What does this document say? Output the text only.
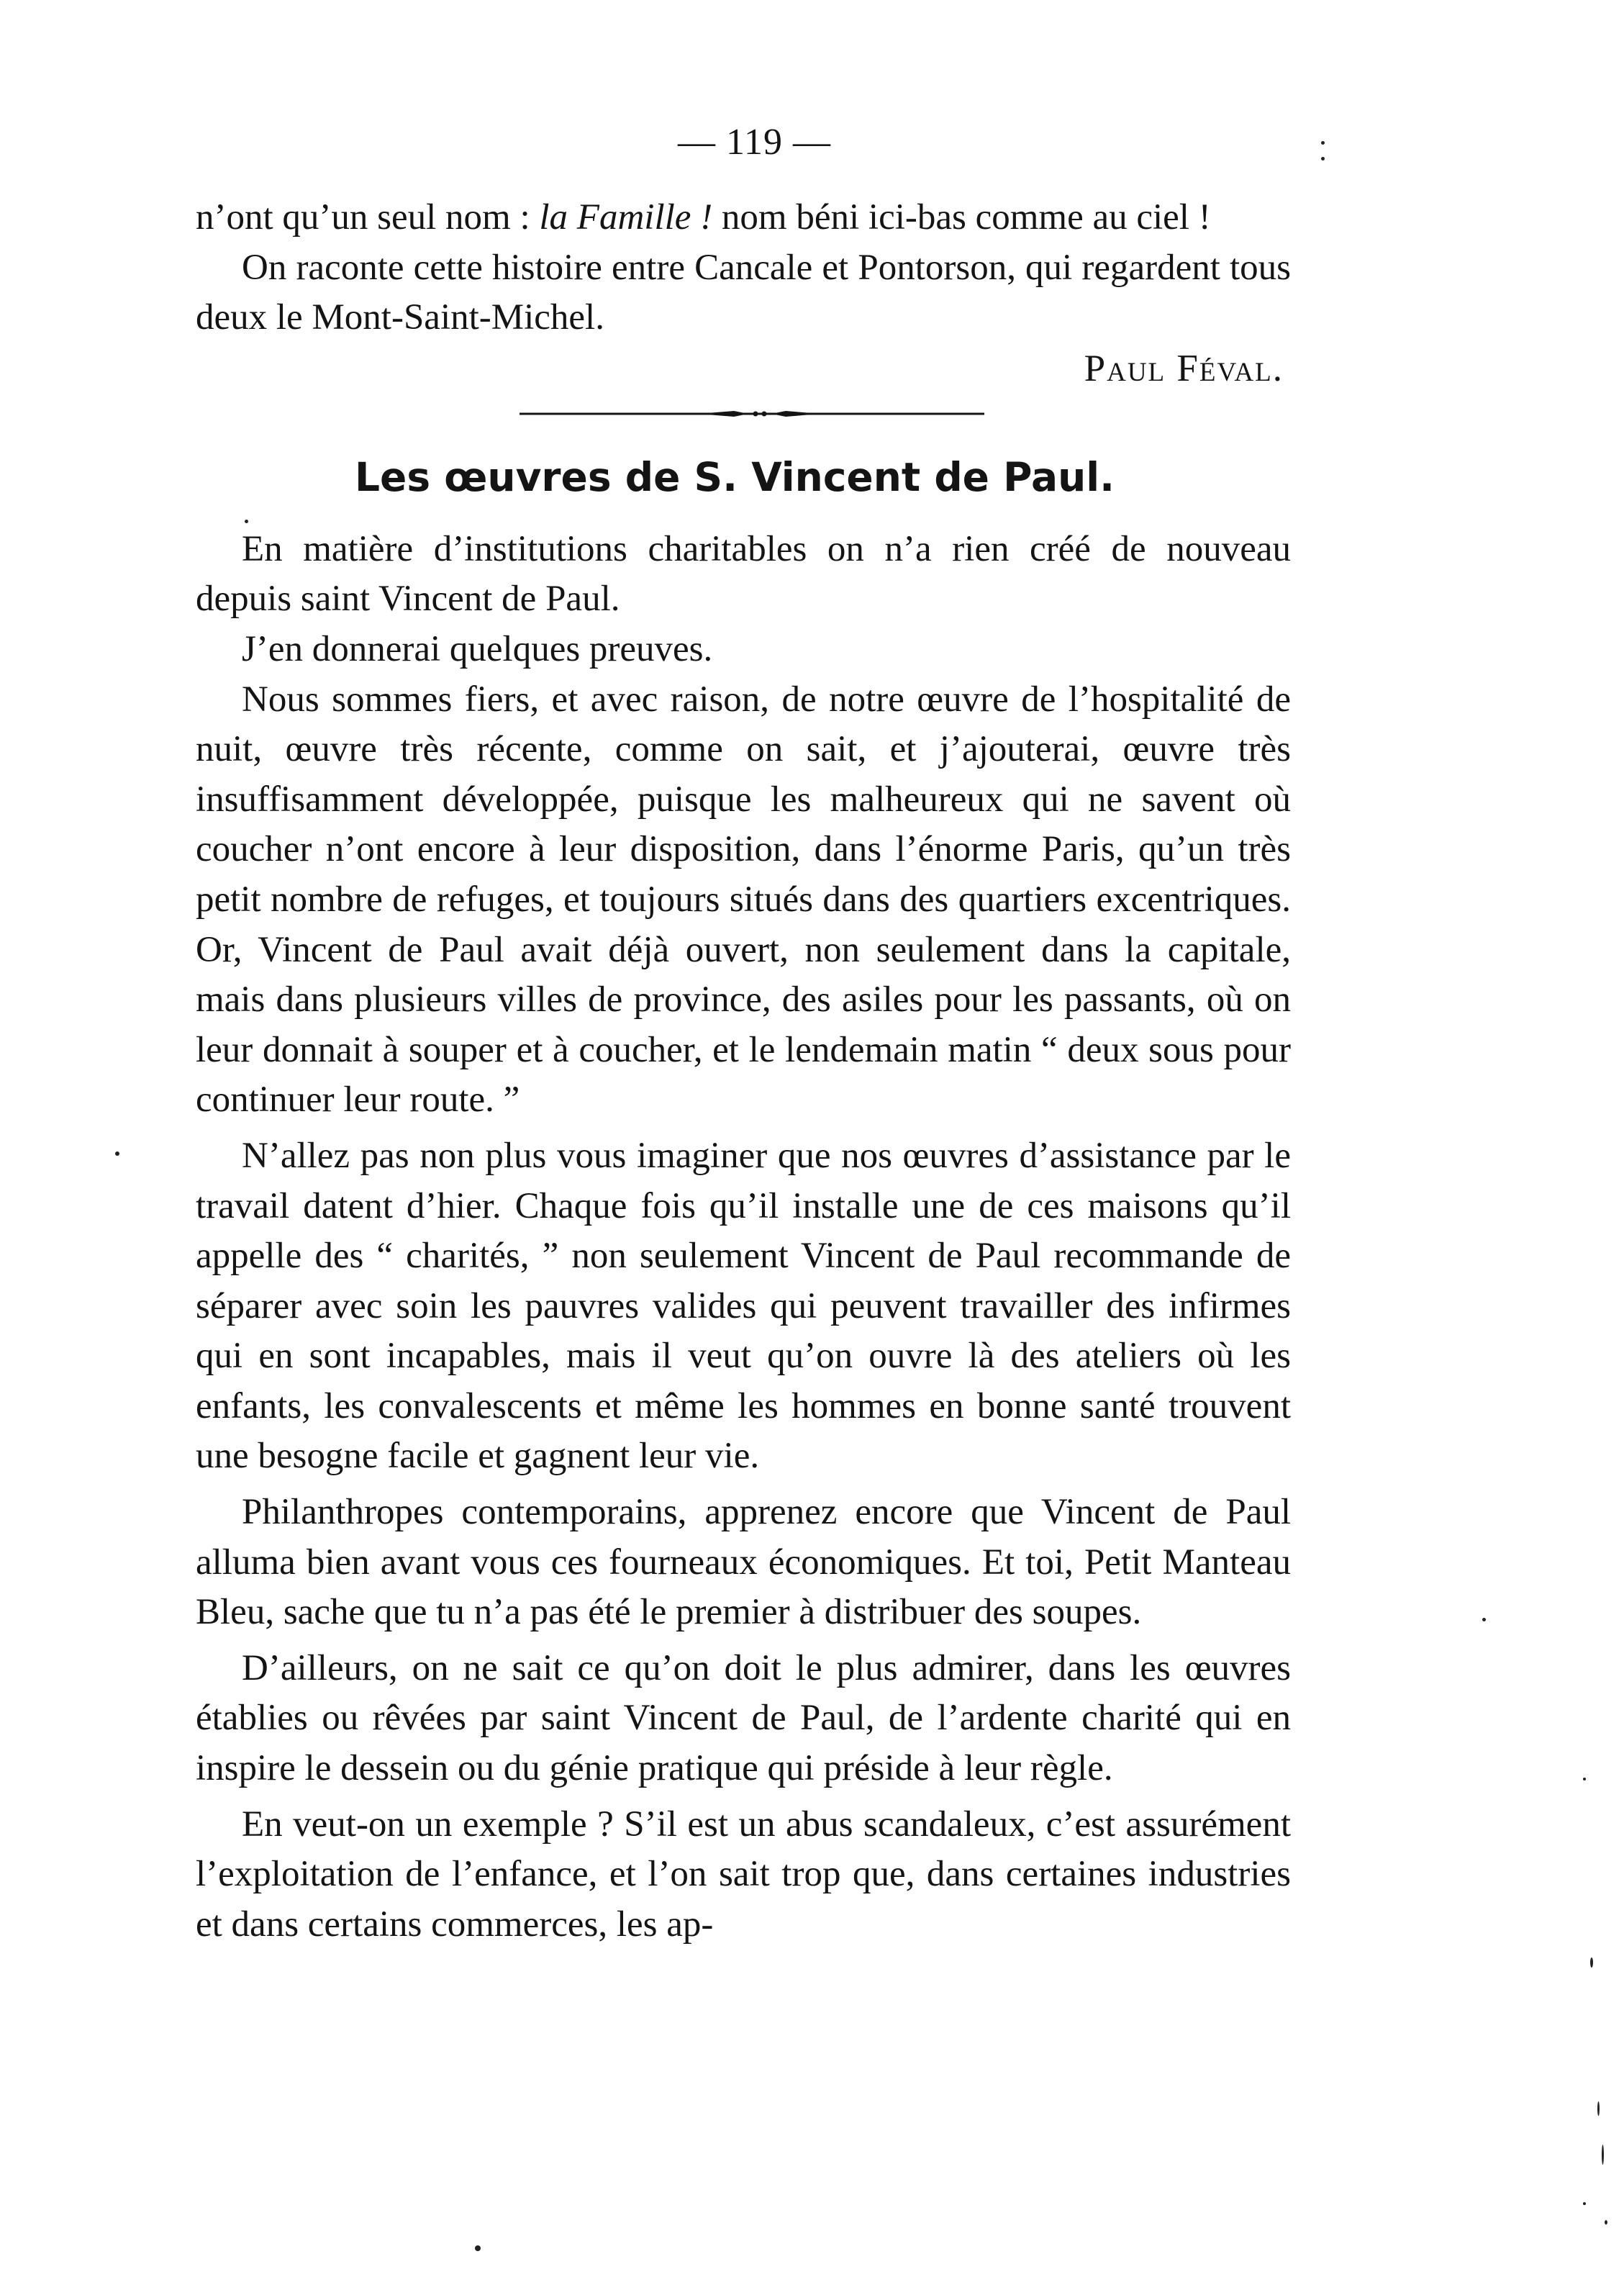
— 119 —

n’ont qu’un seul nom : la Famille ! nom béni ici-bas comme au ciel !

On raconte cette histoire entre Cancale et Pontorson, qui regardent tous deux le Mont-Saint-Michel.

Paul Féval.
Les œuvres de S. Vincent de Paul.

En matière d’institutions charitables on n’a rien créé de nouveau depuis saint Vincent de Paul.

J’en donnerai quelques preuves.

Nous sommes fiers, et avec raison, de notre œuvre de l’hospitalité de nuit, œuvre très récente, comme on sait, et j’ajouterai, œuvre très insuffisamment développée, puisque les malheureux qui ne savent où coucher n’ont encore à leur disposition, dans l’énorme Paris, qu’un très petit nombre de refuges, et toujours situés dans des quartiers excentriques. Or, Vincent de Paul avait déjà ouvert, non seulement dans la capitale, mais dans plusieurs villes de province, des asiles pour les passants, où on leur donnait à souper et à coucher, et le lendemain matin “ deux sous pour continuer leur route. ”

N’allez pas non plus vous imaginer que nos œuvres d’assistance par le travail datent d’hier. Chaque fois qu’il installe une de ces maisons qu’il appelle des “ charités, ” non seulement Vincent de Paul recommande de séparer avec soin les pauvres valides qui peuvent travailler des infirmes qui en sont incapables, mais il veut qu’on ouvre là des ateliers où les enfants, les convalescents et même les hommes en bonne santé trouvent une besogne facile et gagnent leur vie.

Philanthropes contemporains, apprenez encore que Vincent de Paul alluma bien avant vous ces fourneaux économiques. Et toi, Petit Manteau Bleu, sache que tu n’a pas été le premier à distribuer des soupes.

D’ailleurs, on ne sait ce qu’on doit le plus admirer, dans les œuvres établies ou rêvées par saint Vincent de Paul, de l’ardente charité qui en inspire le dessein ou du génie pratique qui préside à leur règle.

En veut-on un exemple ? S’il est un abus scandaleux, c’est assurément l’exploitation de l’enfance, et l’on sait trop que, dans certaines industries et dans certains commerces, les ap-
